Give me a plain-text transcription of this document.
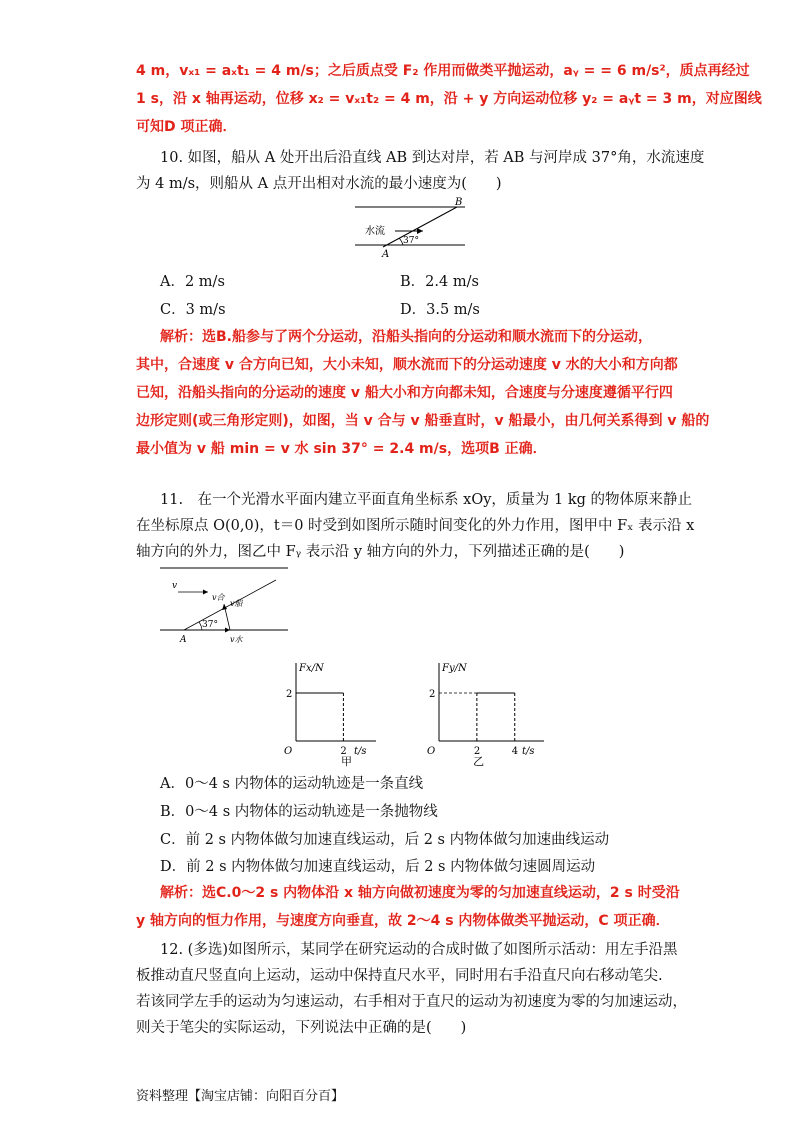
4 m，vₓ₁ = aₓt₁ = 4 m/s；之后质点受 F₂ 作用而做类平抛运动，aᵧ = = 6 m/s²，质点再经过
1 s，沿 x 轴再运动，位移 x₂ = vₓ₁t₂ = 4 m，沿 + y 方向运动位移 y₂ = aᵧt = 3 m，对应图线
可知D 项正确．
10. 如图，船从 A 处开出后沿直线 AB 到达对岸，若 AB 与河岸成 37°角，水流速度
为 4 m/s，则船从 A 点开出相对水流的最小速度为(　　)
B
A
水流
37°
A．2 m/s	B．2.4 m/s
C．3 m/s	D．3.5 m/s
解析：选B.船参与了两个分运动，沿船头指向的分运动和顺水流而下的分运动，
其中，合速度 v 合方向已知，大小未知，顺水流而下的分运动速度 v 水的大小和方向都
已知，沿船头指向的分运动的速度 v 船大小和方向都未知，合速度与分速度遵循平行四
边形定则(或三角形定则)，如图，当 v 合与 v 船垂直时，v 船最小，由几何关系得到 v 船的
最小值为 v 船 min = v 水 sin 37° = 2.4 m/s，选项B 正确．
11.　在一个光滑水平面内建立平面直角坐标系 xOy，质量为 1 kg 的物体原来静止
在坐标原点 O(0,0)，t＝0 时受到如图所示随时间变化的外力作用，图甲中 Fₓ 表示沿 x
轴方向的外力，图乙中 Fᵧ 表示沿 y 轴方向的外力，下列描述正确的是(　　)
v
v合
v船
37°
A	v水
2
2
O
Fx/N
t/s
甲
2
2	4
O
Fy/N
t/s
乙
A．0～4 s 内物体的运动轨迹是一条直线
B．0～4 s 内物体的运动轨迹是一条抛物线
C．前 2 s 内物体做匀加速直线运动，后 2 s 内物体做匀加速曲线运动
D．前 2 s 内物体做匀加速直线运动，后 2 s 内物体做匀速圆周运动
解析：选C.0～2 s 内物体沿 x 轴方向做初速度为零的匀加速直线运动，2 s 时受沿
y 轴方向的恒力作用，与速度方向垂直，故 2～4 s 内物体做类平抛运动，C 项正确．
12. (多选)如图所示，某同学在研究运动的合成时做了如图所示活动：用左手沿黑
板推动直尺竖直向上运动，运动中保持直尺水平，同时用右手沿直尺向右移动笔尖.
若该同学左手的运动为匀速运动，右手相对于直尺的运动为初速度为零的匀加速运动，
则关于笔尖的实际运动，下列说法中正确的是(　　)
资料整理【淘宝店铺：向阳百分百】
